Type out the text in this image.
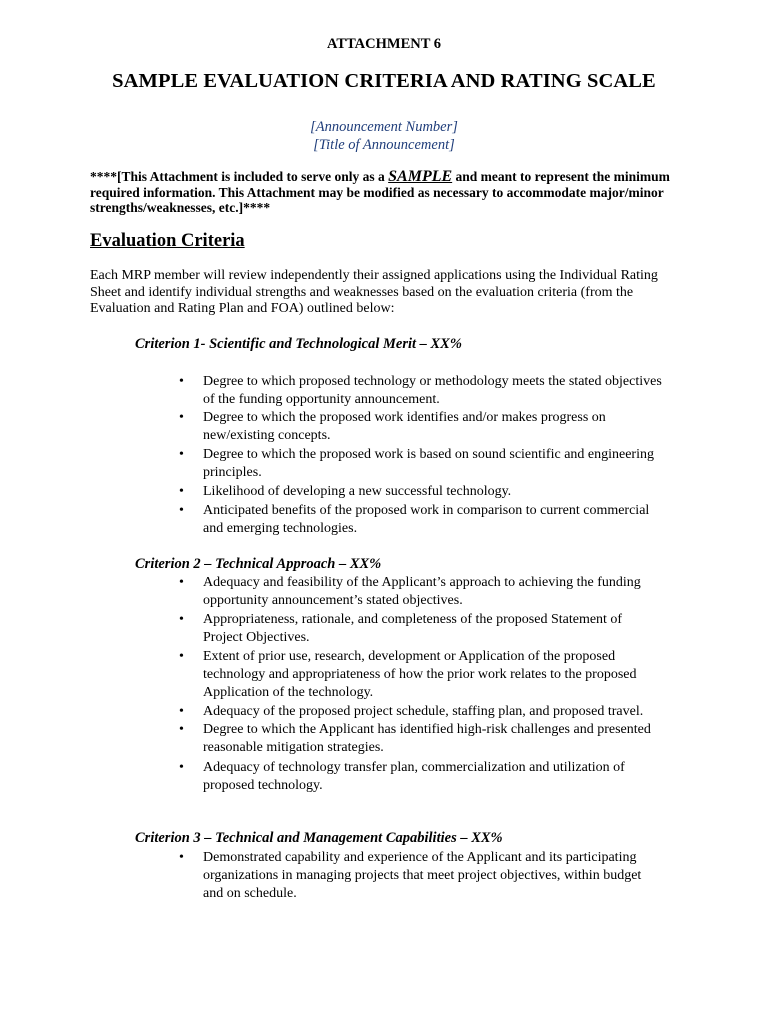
ATTACHMENT 6
SAMPLE EVALUATION CRITERIA AND RATING SCALE
[Announcement Number]
[Title of Announcement]
****[This Attachment is included to serve only as a SAMPLE and meant to represent the minimum required information. This Attachment may be modified as necessary to accommodate major/minor strengths/weaknesses, etc.]****
Evaluation Criteria
Each MRP member will review independently their assigned applications using the Individual Rating Sheet and identify individual strengths and weaknesses based on the evaluation criteria (from the Evaluation and Rating Plan and FOA) outlined below:
Criterion 1- Scientific and Technological Merit – XX%
•	Degree to which proposed technology or methodology meets the stated objectives of the funding opportunity announcement.
•	Degree to which the proposed work identifies and/or makes progress on new/existing concepts.
•	Degree to which the proposed work is based on sound scientific and engineering principles.
•	Likelihood of developing a new successful technology.
•	Anticipated benefits of the proposed work in comparison to current commercial and emerging technologies.
Criterion 2 – Technical Approach – XX%
•	Adequacy and feasibility of the Applicant’s approach to achieving the funding opportunity announcement’s stated objectives.
•	Appropriateness, rationale, and completeness of the proposed Statement of Project Objectives.
•	Extent of prior use, research, development or Application of the proposed technology and appropriateness of how the prior work relates to the proposed Application of the technology.
•	Adequacy of the proposed project schedule, staffing plan, and proposed travel.
•	Degree to which the Applicant has identified high-risk challenges and presented reasonable mitigation strategies.
•	Adequacy of technology transfer plan, commercialization and utilization of proposed technology.
Criterion 3 – Technical and Management Capabilities – XX%
•	Demonstrated capability and experience of the Applicant and its participating organizations in managing projects that meet project objectives, within budget and on schedule.
